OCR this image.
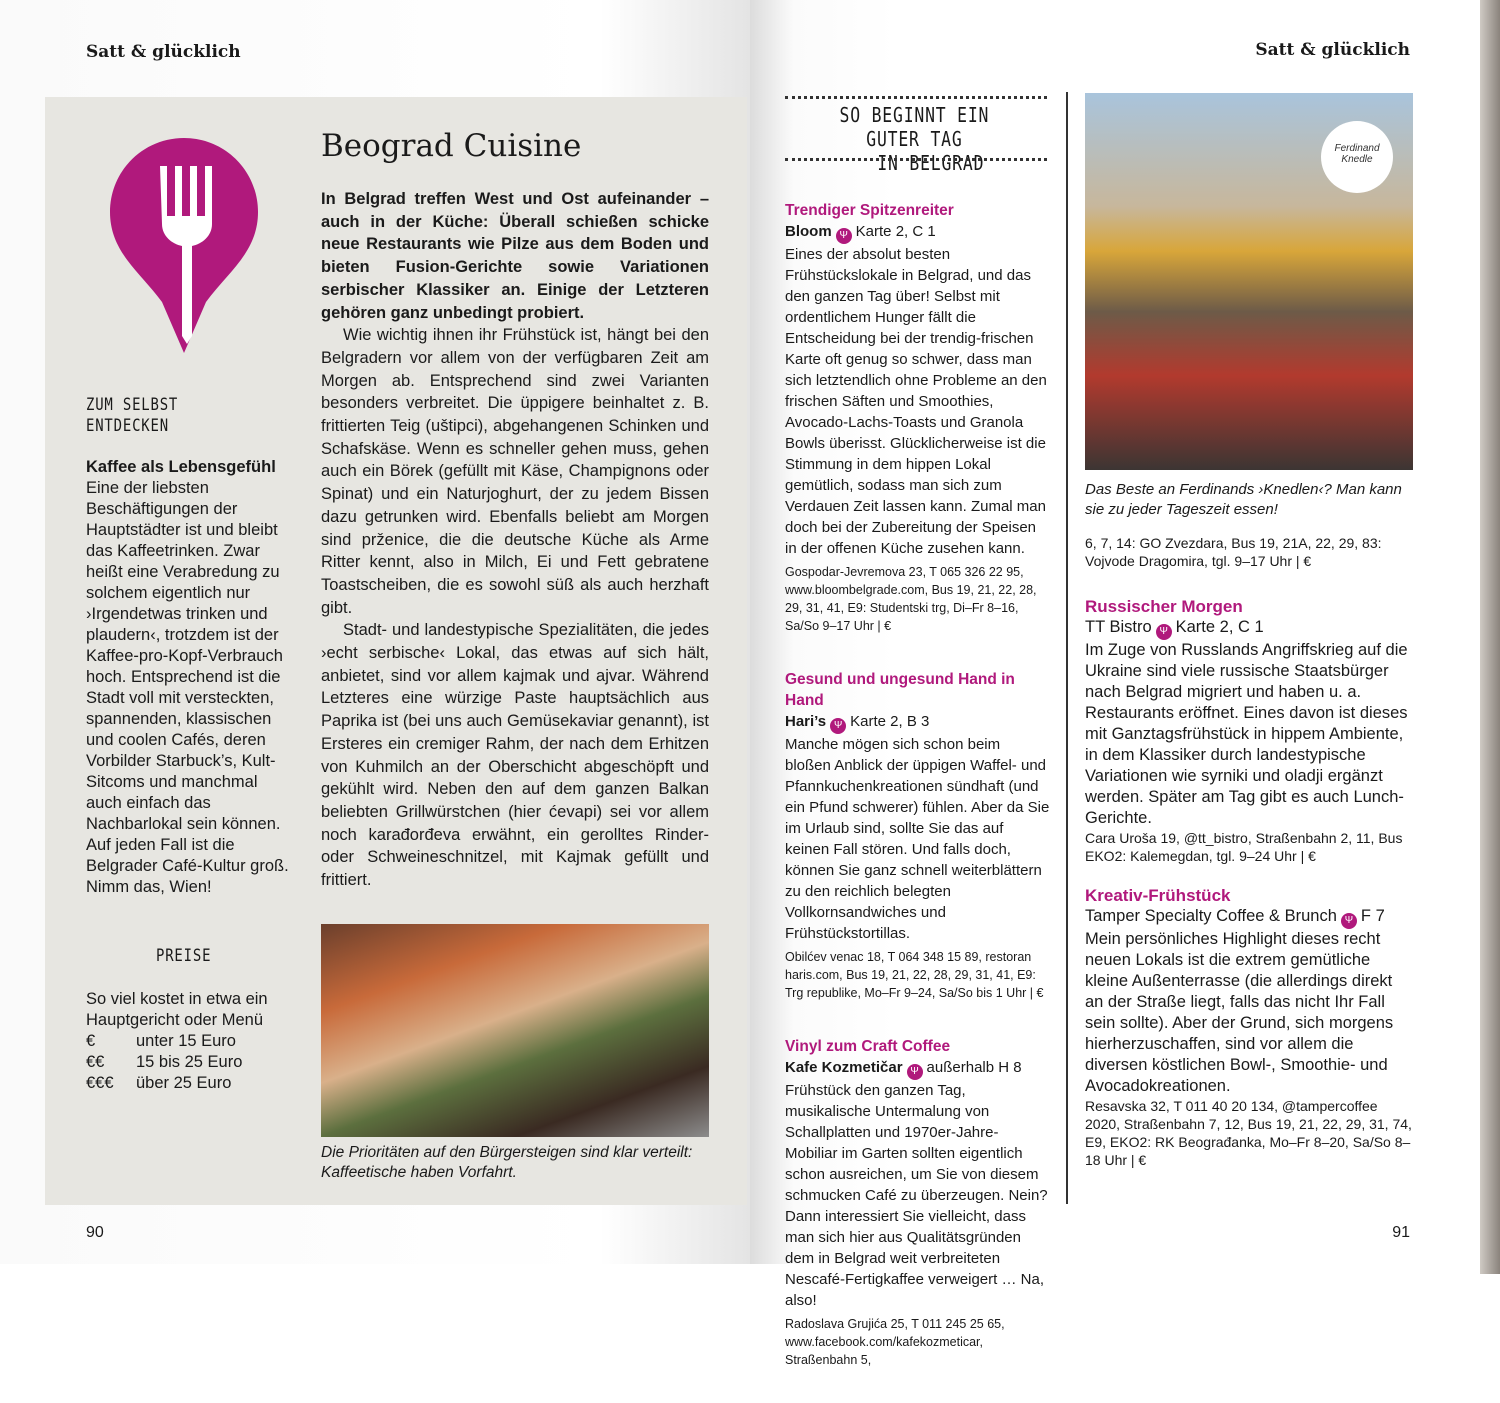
Satt & glücklich
ZUM SELBST ENTDECKEN
Kaffee als Lebensgefühl
Eine der liebsten Beschäftigungen der Hauptstädter ist und bleibt das Kaffeetrinken. Zwar heißt eine Verabredung zu solchem eigentlich nur ›Irgendetwas trinken und plaudern‹, trotzdem ist der Kaffee-pro-Kopf-Verbrauch hoch. Entsprechend ist die Stadt voll mit versteckten, spannenden, klassischen und coolen Cafés, deren Vorbilder Starbuck’s, Kult-Sitcoms und manchmal auch einfach das Nachbarlokal sein können. Auf jeden Fall ist die Belgrader Café-Kultur groß. Nimm das, Wien!
PREISE
So viel kostet in etwa ein Hauptgericht oder Menü
€ unter 15 Euro
€€ 15 bis 25 Euro
€€€ über 25 Euro
Beograd Cuisine

In Belgrad treffen West und Ost aufeinander – auch in der Küche: Überall schießen schicke neue Restaurants wie Pilze aus dem Boden und bieten Fusion-Gerichte sowie Variationen serbischer Klassiker an. Einige der Letzteren gehören ganz unbedingt probiert.

Wie wichtig ihnen ihr Frühstück ist, hängt bei den Belgradern vor allem von der verfügbaren Zeit am Morgen ab. Entsprechend sind zwei Varianten besonders verbreitet. Die üppigere beinhaltet z. B. frittierten Teig (uštipci), abgehangenen Schinken und Schafskäse. Wenn es schneller gehen muss, gehen auch ein Börek (gefüllt mit Käse, Champignons oder Spinat) und ein Naturjoghurt, der zu jedem Bissen dazu getrunken wird. Ebenfalls beliebt am Morgen sind prženice, die die deutsche Küche als Arme Ritter kennt, also in Milch, Ei und Fett gebratene Toastscheiben, die es sowohl süß als auch herzhaft gibt.

Stadt- und landestypische Spezialitäten, die jedes ›echt serbische‹ Lokal, das etwas auf sich hält, anbietet, sind vor allem kajmak und ajvar. Während Letzteres eine würzige Paste hauptsächlich aus Paprika ist (bei uns auch Gemüsekaviar genannt), ist Ersteres ein cremiger Rahm, der nach dem Erhitzen von Kuhmilch an der Oberschicht abgeschöpft und gekühlt wird. Neben den auf dem ganzen Balkan beliebten Grillwürstchen (hier ćevapi) sei vor allem noch karađorđeva erwähnt, ein gerolltes Rinder- oder Schweineschnitzel, mit Kajmak gefüllt und frittiert.

Die Prioritäten auf den Bürgersteigen sind klar verteilt: Kaffeetische haben Vorfahrt.
90
Satt & glücklich
91
SO BEGINNT EIN GUTER TAG
IN BELGRAD
Trendiger Spitzenreiter
Bloom Ψ Karte 2, C 1
Eines der absolut besten Frühstückslokale in Belgrad, und das den ganzen Tag über! Selbst mit ordentlichem Hunger fällt die Entscheidung bei der trendig-frischen Karte oft genug so schwer, dass man sich letztendlich ohne Probleme an den frischen Säften und Smoothies, Avocado-Lachs-Toasts und Granola Bowls überisst. Glücklicherweise ist die Stimmung in dem hippen Lokal gemütlich, sodass man sich zum Verdauen Zeit lassen kann. Zumal man doch bei der Zubereitung der Speisen in der offenen Küche zusehen kann.
Gospodar-Jevremova 23, T 065 326 22 95, www.bloombelgrade.com, Bus 19, 21, 22, 28, 29, 31, 41, E9: Studentski trg, Di–Fr 8–16, Sa/So 9–17 Uhr | €
Gesund und ungesund Hand in Hand
Hari’s Ψ Karte 2, B 3
Manche mögen sich schon beim bloßen Anblick der üppigen Waffel- und Pfannkuchenkreationen sündhaft (und ein Pfund schwerer) fühlen. Aber da Sie im Urlaub sind, sollte Sie das auf keinen Fall stören. Und falls doch, können Sie ganz schnell weiterblättern zu den reichlich belegten Vollkornsandwiches und Frühstückstortillas.
Obilćev venac 18, T 064 348 15 89, restoran haris.com, Bus 19, 21, 22, 28, 29, 31, 41, E9: Trg republike, Mo–Fr 9–24, Sa/So bis 1 Uhr | €
Vinyl zum Craft Coffee
Kafe Kozmetičar Ψ außerhalb H 8
Frühstück den ganzen Tag, musikalische Untermalung von Schallplatten und 1970er-Jahre-Mobiliar im Garten sollten eigentlich schon ausreichen, um Sie von diesem schmucken Café zu überzeugen. Nein? Dann interessiert Sie vielleicht, dass man sich hier aus Qualitätsgründen dem in Belgrad weit verbreiteten Nescafé-Fertigkaffee verweigert … Na, also!
Radoslava Grujića 25, T 011 245 25 65, www.facebook.com/kafekozmeticar, Straßenbahn 5,
Ferdinand Knedle
Das Beste an Ferdinands ›Knedlen‹? Man kann sie zu jeder Tageszeit essen!
6, 7, 14: GO Zvezdara, Bus 19, 21A, 22, 29, 83: Vojvode Dragomira, tgl. 9–17 Uhr | €
Russischer Morgen
TT Bistro Ψ Karte 2, C 1
Im Zuge von Russlands Angriffskrieg auf die Ukraine sind viele russische Staatsbürger nach Belgrad migriert und haben u. a. Restaurants eröffnet. Eines davon ist dieses mit Ganztagsfrühstück in hippem Ambiente, in dem Klassiker durch landestypische Variationen wie syrniki und oladji ergänzt werden. Später am Tag gibt es auch Lunch-Gerichte.
Cara Uroša 19, @tt_bistro, Straßenbahn 2, 11, Bus EKO2: Kalemegdan, tgl. 9–24 Uhr | €
Kreativ-Frühstück
Tamper Specialty Coffee & Brunch Ψ F 7
Mein persönliches Highlight dieses recht neuen Lokals ist die extrem gemütliche kleine Außenterrasse (die allerdings direkt an der Straße liegt, falls das nicht Ihr Fall sein sollte). Aber der Grund, sich morgens hierherzuschaffen, sind vor allem die diversen köstlichen Bowl-, Smoothie- und Avocadokreationen.
Resavska 32, T 011 40 20 134, @tampercoffee 2020, Straßenbahn 7, 12, Bus 19, 21, 22, 29, 31, 74, E9, EKO2: RK Beograđanka, Mo–Fr 8–20, Sa/So 8–18 Uhr | €
